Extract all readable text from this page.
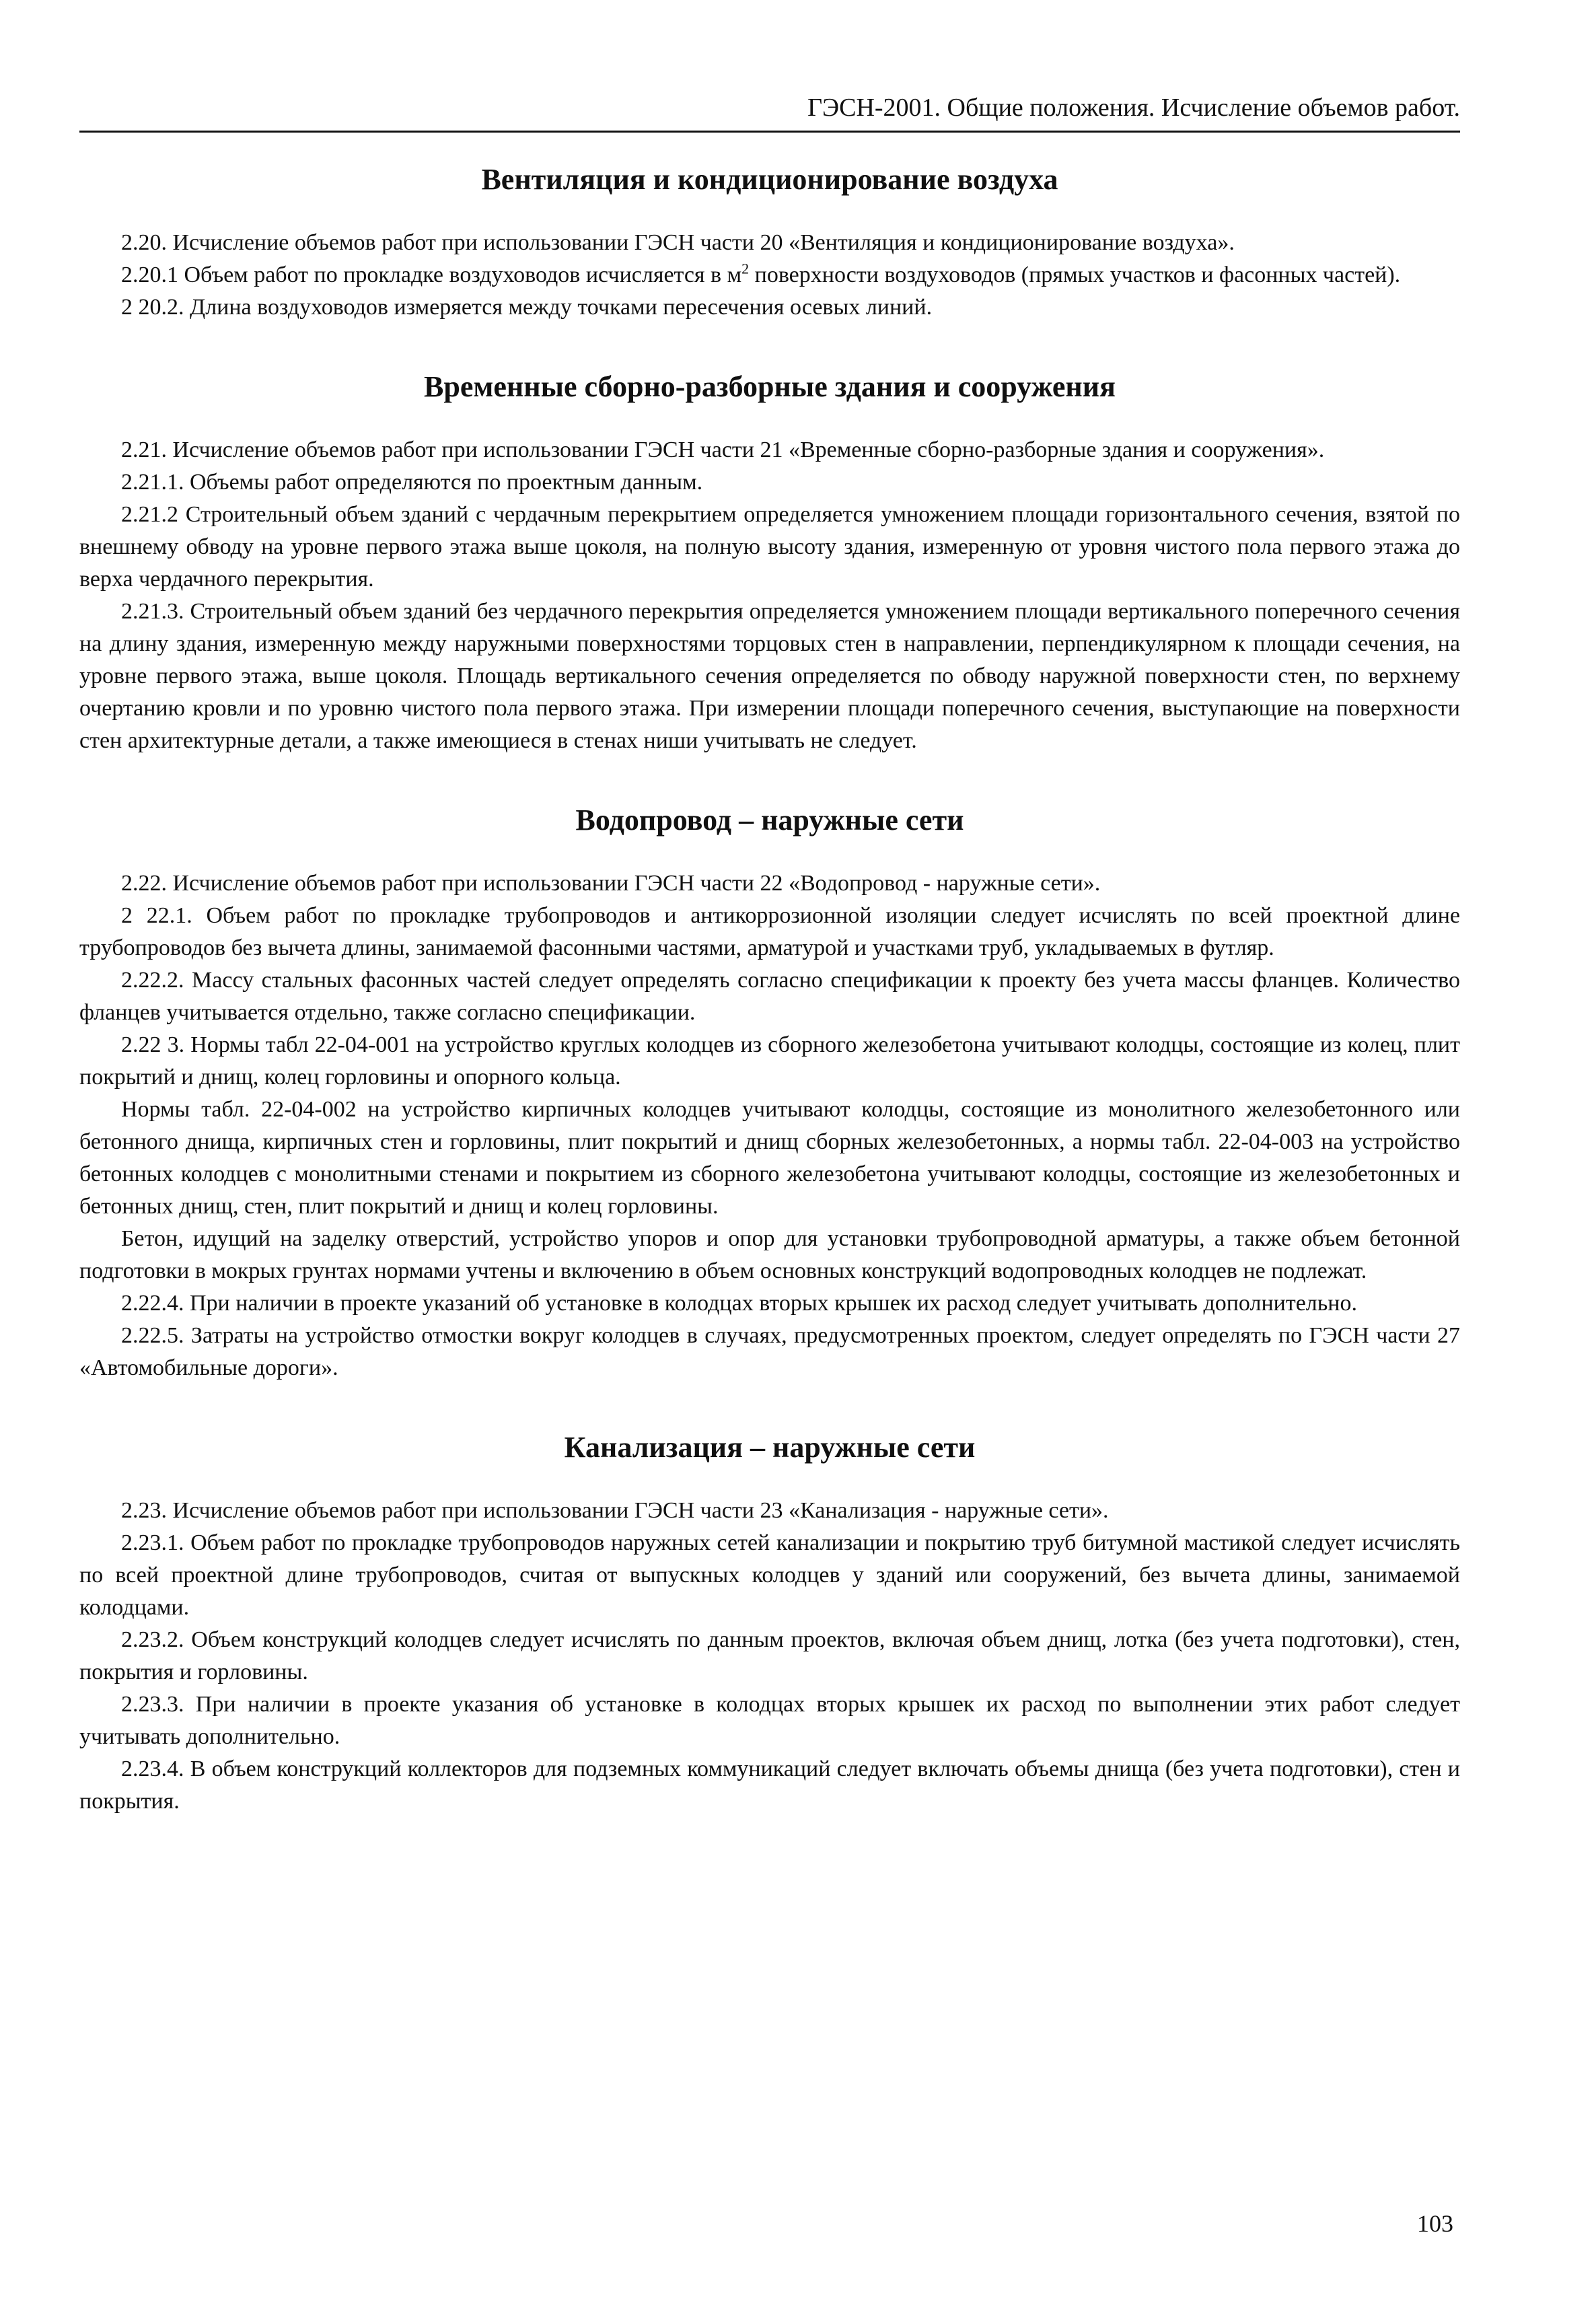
ГЭСН-2001. Общие положения. Исчисление объемов работ.
Вентиляция и кондиционирование воздуха

2.20. Исчисление объемов работ при использовании ГЭСН части 20 «Вентиляция и кондиционирование воздуха».

2.20.1 Объем работ по прокладке воздуховодов исчисляется в $м^2$ поверхности воздуховодов (прямых участков и фасонных частей).

2 20.2. Длина воздуховодов измеряется между точками пересечения осевых линий.

Временные сборно-разборные здания и сооружения

2.21. Исчисление объемов работ при использовании ГЭСН части 21 «Временные сборно-разборные здания и сооружения».

2.21.1. Объемы работ определяются по проектным данным.

2.21.2 Строительный объем зданий с чердачным перекрытием определяется умножением площади горизонтального сечения, взятой по внешнему обводу на уровне первого этажа выше цоколя, на полную высоту здания, измеренную от уровня чистого пола первого этажа до верха чердачного перекрытия.

2.21.3. Строительный объем зданий без чердачного перекрытия определяется умножением площади вертикального поперечного сечения на длину здания, измеренную между наружными поверхностями торцовых стен в направлении, перпендикулярном к площади сечения, на уровне первого этажа, выше цоколя. Площадь вертикального сечения определяется по обводу наружной поверхности стен, по верхнему очертанию кровли и по уровню чистого пола первого этажа. При измерении площади поперечного сечения, выступающие на поверхности стен архитектурные детали, а также имеющиеся в стенах ниши учитывать не следует.

Водопровод – наружные сети

2.22. Исчисление объемов работ при использовании ГЭСН части 22 «Водопровод - наружные сети».

2 22.1. Объем работ по прокладке трубопроводов и антикоррозионной изоляции следует исчислять по всей проектной длине трубопроводов без вычета длины, занимаемой фасонными частями, арматурой и участками труб, укладываемых в футляр.

2.22.2. Массу стальных фасонных частей следует определять согласно спецификации к проекту без учета массы фланцев. Количество фланцев учитывается отдельно, также согласно спецификации.

2.22 3. Нормы табл 22-04-001 на устройство круглых колодцев из сборного железобетона учитывают колодцы, состоящие из колец, плит покрытий и днищ, колец горловины и опорного кольца.

Нормы табл. 22-04-002 на устройство кирпичных колодцев учитывают колодцы, состоящие из монолитного железобетонного или бетонного днища, кирпичных стен и горловины, плит покрытий и днищ сборных железобетонных, а нормы табл. 22-04-003 на устройство бетонных колодцев с монолитными стенами и покрытием из сборного железобетона учитывают колодцы, состоящие из железобетонных и бетонных днищ, стен, плит покрытий и днищ и колец горловины.

Бетон, идущий на заделку отверстий, устройство упоров и опор для установки трубопроводной арматуры, а также объем бетонной подготовки в мокрых грунтах нормами учтены и включению в объем основных конструкций водопроводных колодцев не подлежат.

2.22.4. При наличии в проекте указаний об установке в колодцах вторых крышек их расход следует учитывать дополнительно.

2.22.5. Затраты на устройство отмостки вокруг колодцев в случаях, предусмотренных проектом, следует определять по ГЭСН части 27 «Автомобильные дороги».

Канализация – наружные сети

2.23. Исчисление объемов работ при использовании ГЭСН части 23 «Канализация - наружные сети».

2.23.1. Объем работ по прокладке трубопроводов наружных сетей канализации и покрытию труб битумной мастикой следует исчислять по всей проектной длине трубопроводов, считая от выпускных колодцев у зданий или сооружений, без вычета длины, занимаемой колодцами.

2.23.2. Объем конструкций колодцев следует исчислять по данным проектов, включая объем днищ, лотка (без учета подготовки), стен, покрытия и горловины.

2.23.3. При наличии в проекте указания об установке в колодцах вторых крышек их расход по выполнении этих работ следует учитывать дополнительно.

2.23.4. В объем конструкций коллекторов для подземных коммуникаций следует включать объемы днища (без учета подготовки), стен и покрытия.

103
